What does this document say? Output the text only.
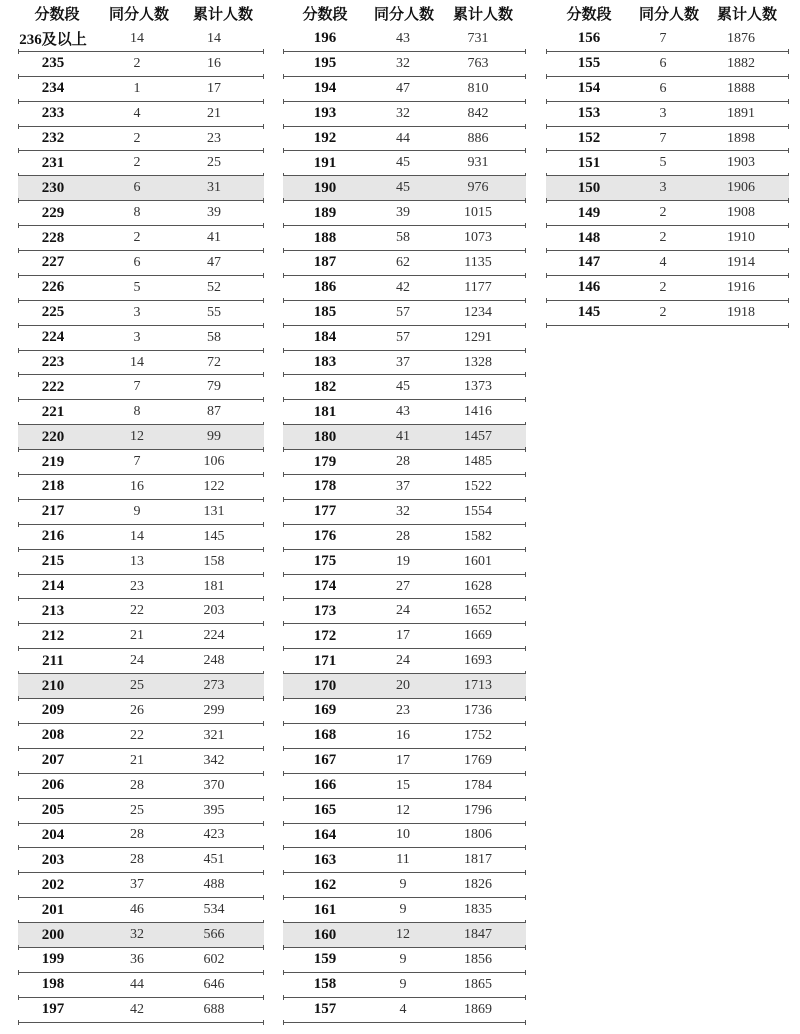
分数段	同分人数	累计人数
236及以上	14	14
235	2	16
234	1	17
233	4	21
232	2	23
231	2	25
230	6	31
229	8	39
228	2	41
227	6	47
226	5	52
225	3	55
224	3	58
223	14	72
222	7	79
221	8	87
220	12	99
219	7	106
218	16	122
217	9	131
216	14	145
215	13	158
214	23	181
213	22	203
212	21	224
211	24	248
210	25	273
209	26	299
208	22	321
207	21	342
206	28	370
205	25	395
204	28	423
203	28	451
202	37	488
201	46	534
200	32	566
199	36	602
198	44	646
197	42	688
分数段	同分人数	累计人数
196	43	731
195	32	763
194	47	810
193	32	842
192	44	886
191	45	931
190	45	976
189	39	1015
188	58	1073
187	62	1135
186	42	1177
185	57	1234
184	57	1291
183	37	1328
182	45	1373
181	43	1416
180	41	1457
179	28	1485
178	37	1522
177	32	1554
176	28	1582
175	19	1601
174	27	1628
173	24	1652
172	17	1669
171	24	1693
170	20	1713
169	23	1736
168	16	1752
167	17	1769
166	15	1784
165	12	1796
164	10	1806
163	11	1817
162	9	1826
161	9	1835
160	12	1847
159	9	1856
158	9	1865
157	4	1869
分数段	同分人数	累计人数
156	7	1876
155	6	1882
154	6	1888
153	3	1891
152	7	1898
151	5	1903
150	3	1906
149	2	1908
148	2	1910
147	4	1914
146	2	1916
145	2	1918
